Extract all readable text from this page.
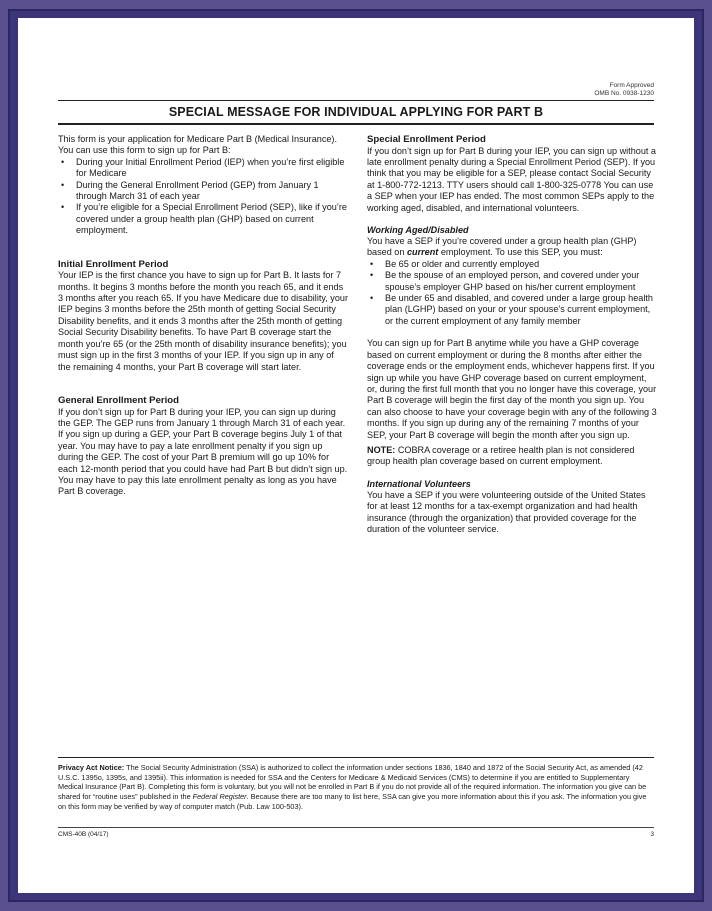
Form Approved
OMB No. 0938-1230
SPECIAL MESSAGE FOR INDIVIDUAL APPLYING FOR PART B

This form is your application for Medicare Part B (Medical Insurance). You can use this form to sign up for Part B:

• During your Initial Enrollment Period (IEP) when you’re first eligible for Medicare
• During the General Enrollment Period (GEP) from January 1 through March 31 of each year
• If you’re eligible for a Special Enrollment Period (SEP), like if you’re covered under a group health plan (GHP) based on current employment.
Initial Enrollment Period

Your IEP is the first chance you have to sign up for Part B. It lasts for 7 months. It begins 3 months before the month you reach 65, and it ends 3 months after you reach 65. If you have Medicare due to disability, your IEP begins 3 months before the 25th month of getting Social Security Disability benefits, and it ends 3 months after the 25th month of getting Social Security Disability benefits. To have Part B coverage start the month you’re 65 (or the 25th month of disability insurance benefits); you must sign up in the first 3 months of your IEP. If you sign up in any of the remaining 4 months, your Part B coverage will start later.

General Enrollment Period

If you don’t sign up for Part B during your IEP, you can sign up during the GEP. The GEP runs from January 1 through March 31 of each year. If you sign up during a GEP, your Part B coverage begins July 1 of that year. You may have to pay a late enrollment penalty if you sign up during the GEP. The cost of your Part B premium will go up 10% for each 12-month period that you could have had Part B but didn’t sign up. You may have to pay this late enrollment penalty as long as you have Part B coverage.

Special Enrollment Period

If you don’t sign up for Part B during your IEP, you can sign up without a late enrollment penalty during a Special Enrollment Period (SEP). If you think that you may be eligible for a SEP, please contact Social Security at 1-800-772-1213. TTY users should call 1-800-325-0778 You can use a SEP when your IEP has ended. The most common SEPs apply to the working aged, disabled, and international volunteers.

Working Aged/Disabled

You have a SEP if you’re covered under a group health plan (GHP) based on current employment. To use this SEP, you must:

• Be 65 or older and currently employed
• Be the spouse of an employed person, and covered under your spouse’s employer GHP based on his/her current employment
• Be under 65 and disabled, and covered under a large group health plan (LGHP) based on your or your spouse’s current employment, or the current employment of any family member

You can sign up for Part B anytime while you have a GHP coverage based on current employment or during the 8 months after either the coverage ends or the employment ends, whichever happens first. If you sign up while you have GHP coverage based on current employment, or, during the first full month that you no longer have this coverage, your Part B coverage will begin the first day of the month you sign up. You can also choose to have your coverage begin with any of the following 3 months. If you sign up during any of the remaining 7 months of your SEP, your Part B coverage will begin the month after you sign up.

NOTE: COBRA coverage or a retiree health plan is not considered group health plan coverage based on current employment.

International Volunteers

You have a SEP if you were volunteering outside of the United States for at least 12 months for a tax-exempt organization and had health insurance (through the organization) that provided coverage for the duration of the volunteer service.

Privacy Act Notice: The Social Security Administration (SSA) is authorized to collect the information under sections 1836, 1840 and 1872 of the Social Security Act, as amended (42 U.S.C. 1395o, 1395s, and 1395ii). This information is needed for SSA and the Centers for Medicare & Medicaid Services (CMS) to determine if you are entitled to Supplementary Medical Insurance (Part B). Completing this form is voluntary, but you will not be enrolled in Part B if you do not provide all of the required information. The information you give can be shared for “routine uses” published in the Federal Register. Because there are too many to list here, SSA can give you more information about this if you ask. The information you give on this form may be verified by way of computer match (Pub. Law 100-503).
CMS-40B (04/17)	3
